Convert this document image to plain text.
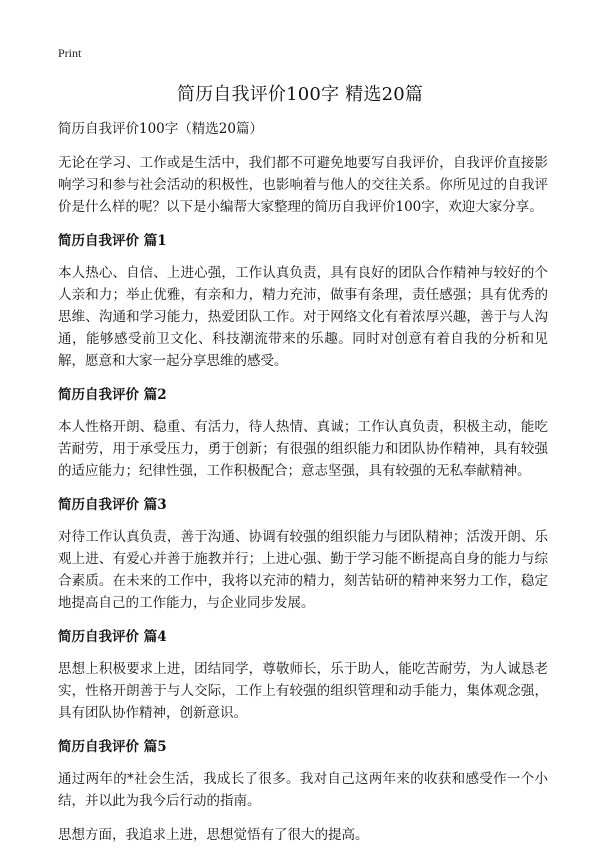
Print
简历自我评价100字 精选20篇

简历自我评价100字（精选20篇）

无论在学习、工作或是生活中，我们都不可避免地要写自我评价，自我评价直接影响学习和参与社会活动的积极性，也影响着与他人的交往关系。你所见过的自我评价是什么样的呢？以下是小编帮大家整理的简历自我评价100字，欢迎大家分享。

简历自我评价 篇1

本人热心、自信、上进心强，工作认真负责，具有良好的团队合作精神与较好的个人亲和力；举止优雅，有亲和力，精力充沛，做事有条理，责任感强；具有优秀的思维、沟通和学习能力，热爱团队工作。对于网络文化有着浓厚兴趣，善于与人沟通，能够感受前卫文化、科技潮流带来的乐趣。同时对创意有着自我的分析和见解，愿意和大家一起分享思维的感受。

简历自我评价 篇2

本人性格开朗、稳重、有活力，待人热情、真诚；工作认真负责，积极主动，能吃苦耐劳，用于承受压力，勇于创新；有很强的组织能力和团队协作精神，具有较强的适应能力；纪律性强，工作积极配合；意志坚强，具有较强的无私奉献精神。

简历自我评价 篇3

对待工作认真负责，善于沟通、协调有较强的组织能力与团队精神；活泼开朗、乐观上进、有爱心并善于施教并行；上进心强、勤于学习能不断提高自身的能力与综合素质。在未来的工作中，我将以充沛的精力，刻苦钻研的精神来努力工作，稳定地提高自己的工作能力，与企业同步发展。

简历自我评价 篇4

思想上积极要求上进，团结同学，尊敬师长，乐于助人，能吃苦耐劳，为人诚恳老实，性格开朗善于与人交际，工作上有较强的组织管理和动手能力，集体观念强，具有团队协作精神，创新意识。

简历自我评价 篇5

通过两年的*社会生活，我成长了很多。我对自己这两年来的收获和感受作一个小结，并以此为我今后行动的指南。

思想方面，我追求上进，思想觉悟有了很大的提高。
